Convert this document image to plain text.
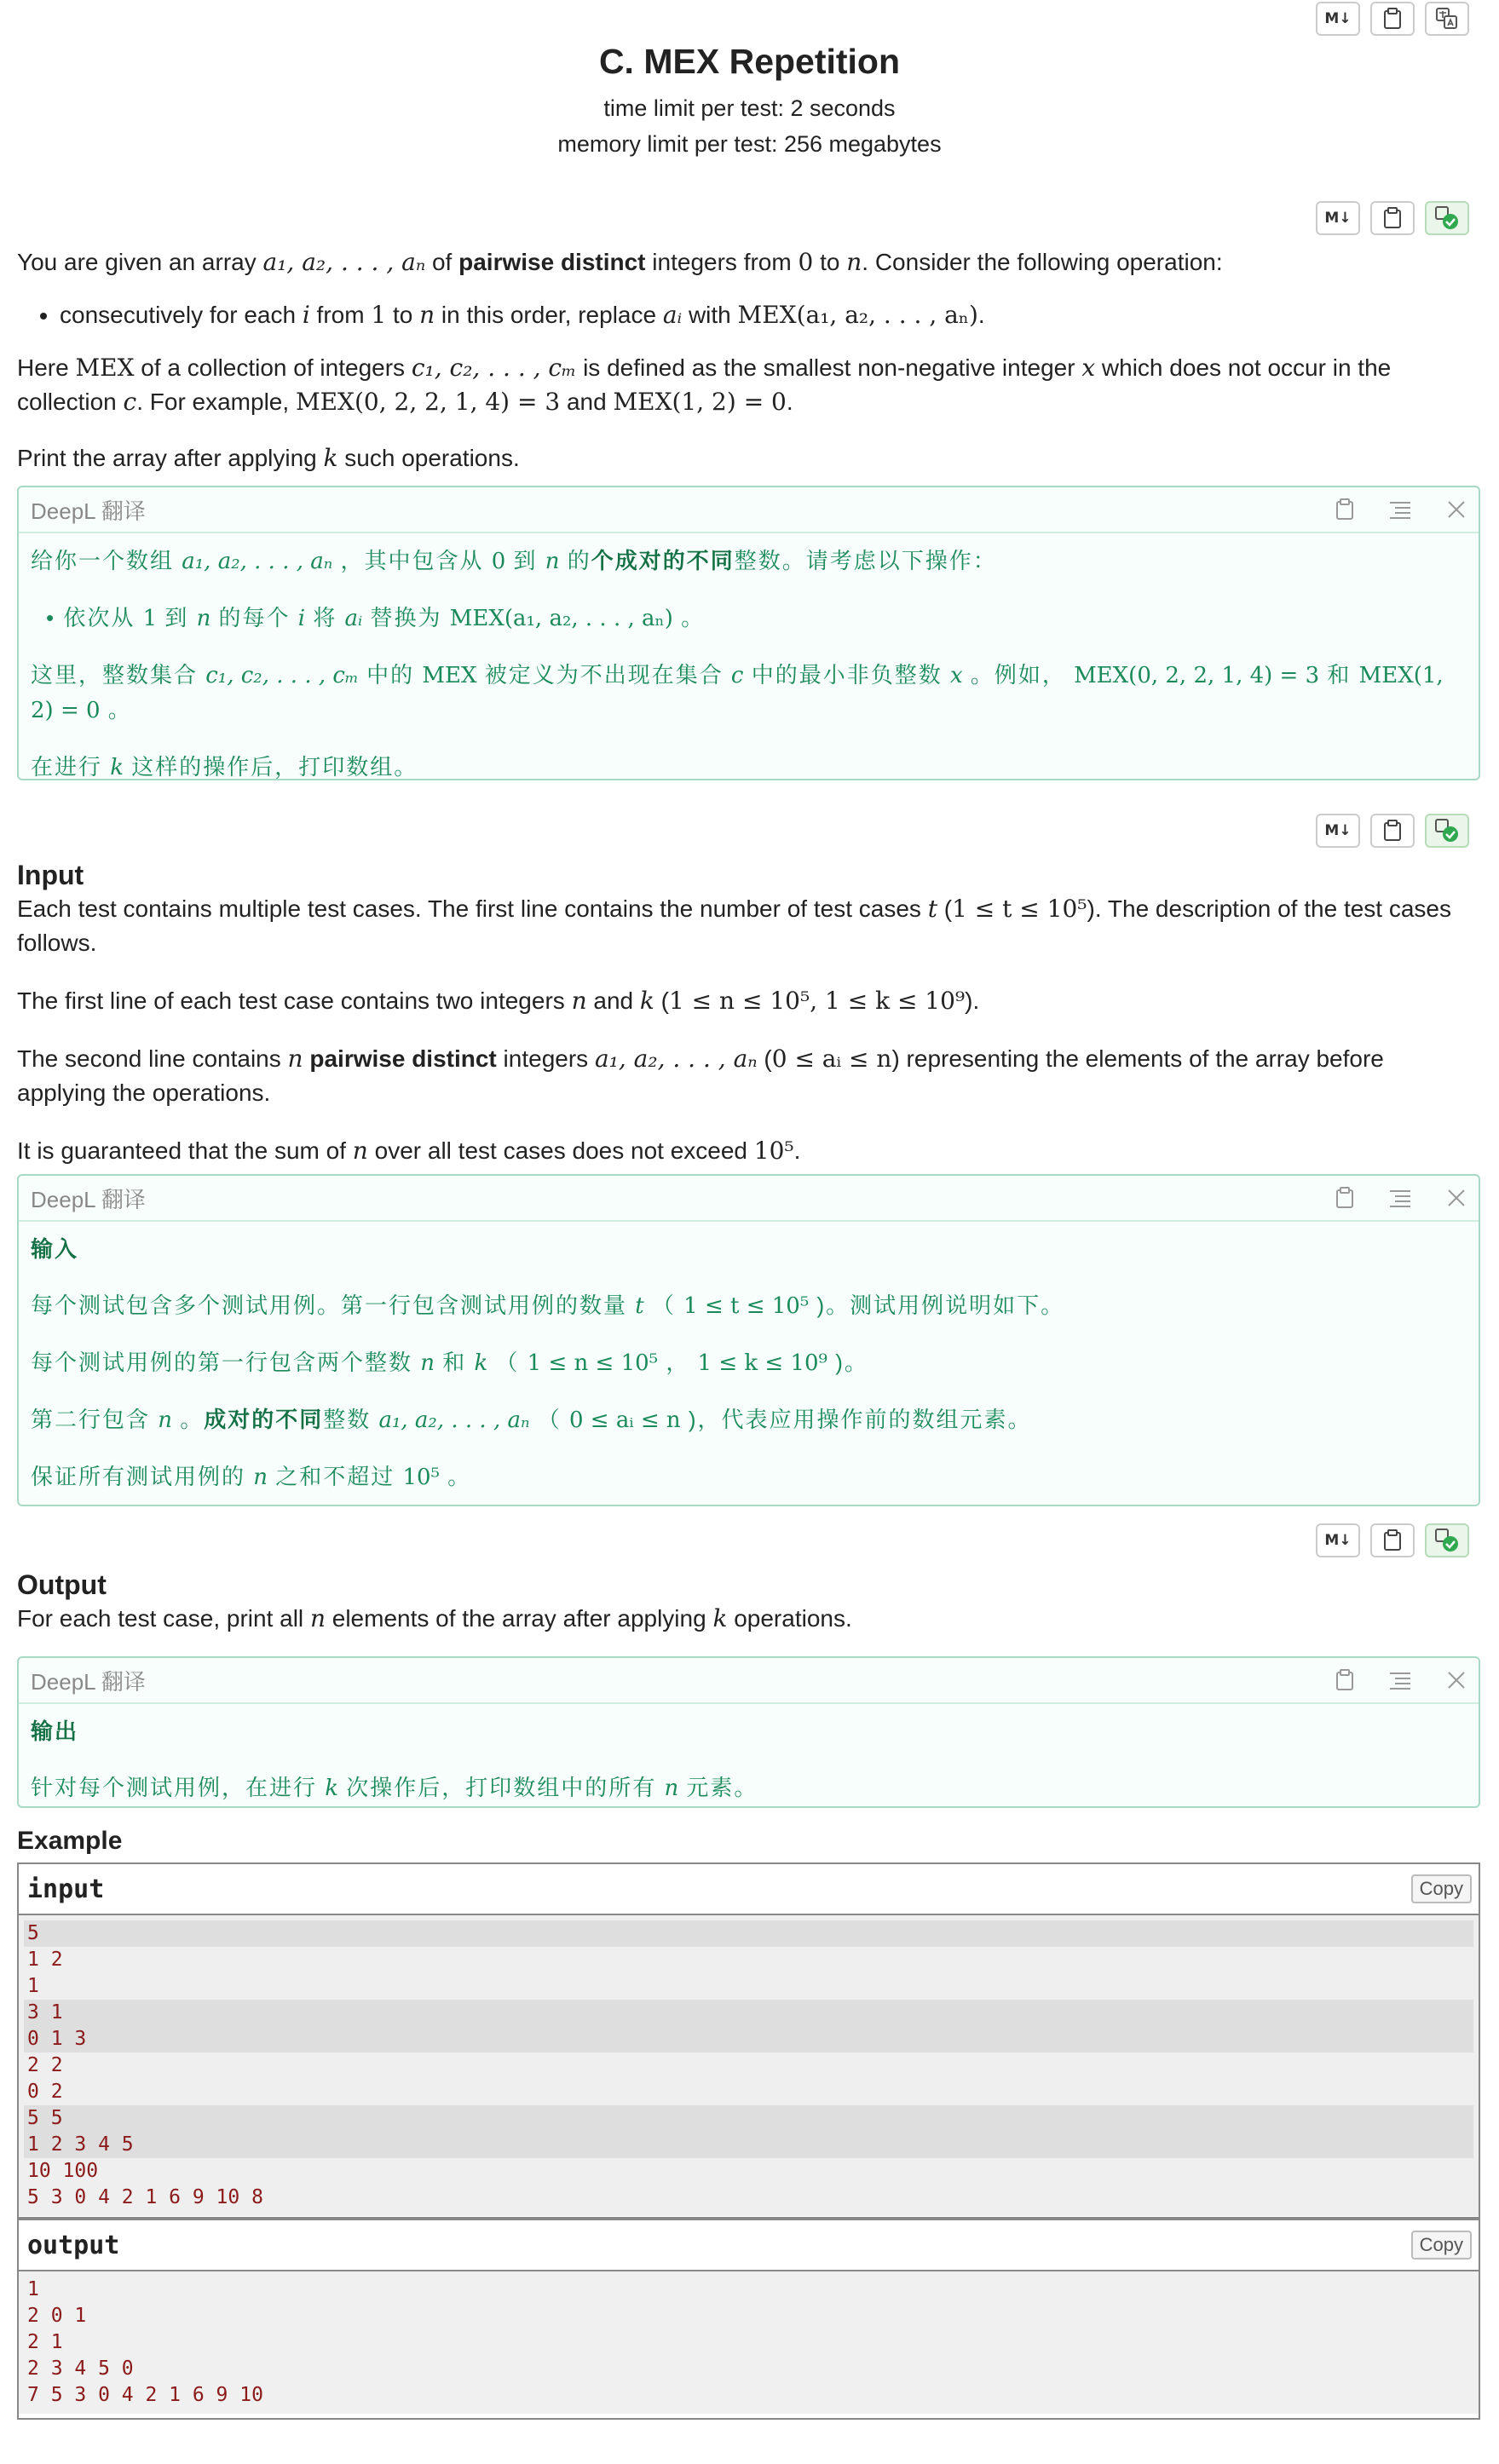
M↓
C. MEX Repetition
time limit per test: 2 seconds
memory limit per test: 256 megabytes
M↓

You are given an array a₁, a₂, . . . , aₙ of pairwise distinct integers from 0 to n. Consider the following operation:

• consecutively for each i from 1 to n in this order, replace aᵢ with MEX(a₁, a₂, . . . , aₙ).

Here MEX of a collection of integers c₁, c₂, . . . , cₘ is defined as the smallest non-negative integer x which does not occur in the collection c. For example, MEX(0, 2, 2, 1, 4) = 3 and MEX(1, 2) = 0.

Print the array after applying k such operations.

DeepL 翻译

给你一个数组 a₁, a₂, . . . , aₙ ，其中包含从 0 到 n 的个成对的不同整数。请考虑以下操作：

• 依次从 1 到 n 的每个 i 将 aᵢ 替换为 MEX(a₁, a₂, . . . , aₙ) 。

这里，整数集合 c₁, c₂, . . . , cₘ 中的 MEX 被定义为不出现在集合 c 中的最小非负整数 x 。例如， MEX(0, 2, 2, 1, 4) = 3 和 MEX(1, 2) = 0 。

在进行 k 这样的操作后，打印数组。

M↓
Input

Each test contains multiple test cases. The first line contains the number of test cases t (1 ≤ t ≤ 10⁵). The description of the test cases follows.

The first line of each test case contains two integers n and k (1 ≤ n ≤ 10⁵, 1 ≤ k ≤ 10⁹).

The second line contains n pairwise distinct integers a₁, a₂, . . . , aₙ (0 ≤ aᵢ ≤ n) representing the elements of the array before applying the operations.

It is guaranteed that the sum of n over all test cases does not exceed 10⁵.

DeepL 翻译

输入

每个测试包含多个测试用例。第一行包含测试用例的数量 t （ 1 ≤ t ≤ 10⁵ )。测试用例说明如下。

每个测试用例的第一行包含两个整数 n 和 k （ 1 ≤ n ≤ 10⁵ ， 1 ≤ k ≤ 10⁹ )。

第二行包含 n 。成对的不同整数 a₁, a₂, . . . , aₙ （ 0 ≤ aᵢ ≤ n )，代表应用操作前的数组元素。

保证所有测试用例的 n 之和不超过 10⁵ 。

M↓
Output

For each test case, print all n elements of the array after applying k operations.

DeepL 翻译

输出

针对每个测试用例，在进行 k 次操作后，打印数组中的所有 n 元素。

Example
input	Copy
5
1 2
1
3 1
0 1 3
2 2
0 2
5 5
1 2 3 4 5
10 100
5 3 0 4 2 1 6 9 10 8
output	Copy
1
2 0 1
2 1
2 3 4 5 0
7 5 3 0 4 2 1 6 9 10
